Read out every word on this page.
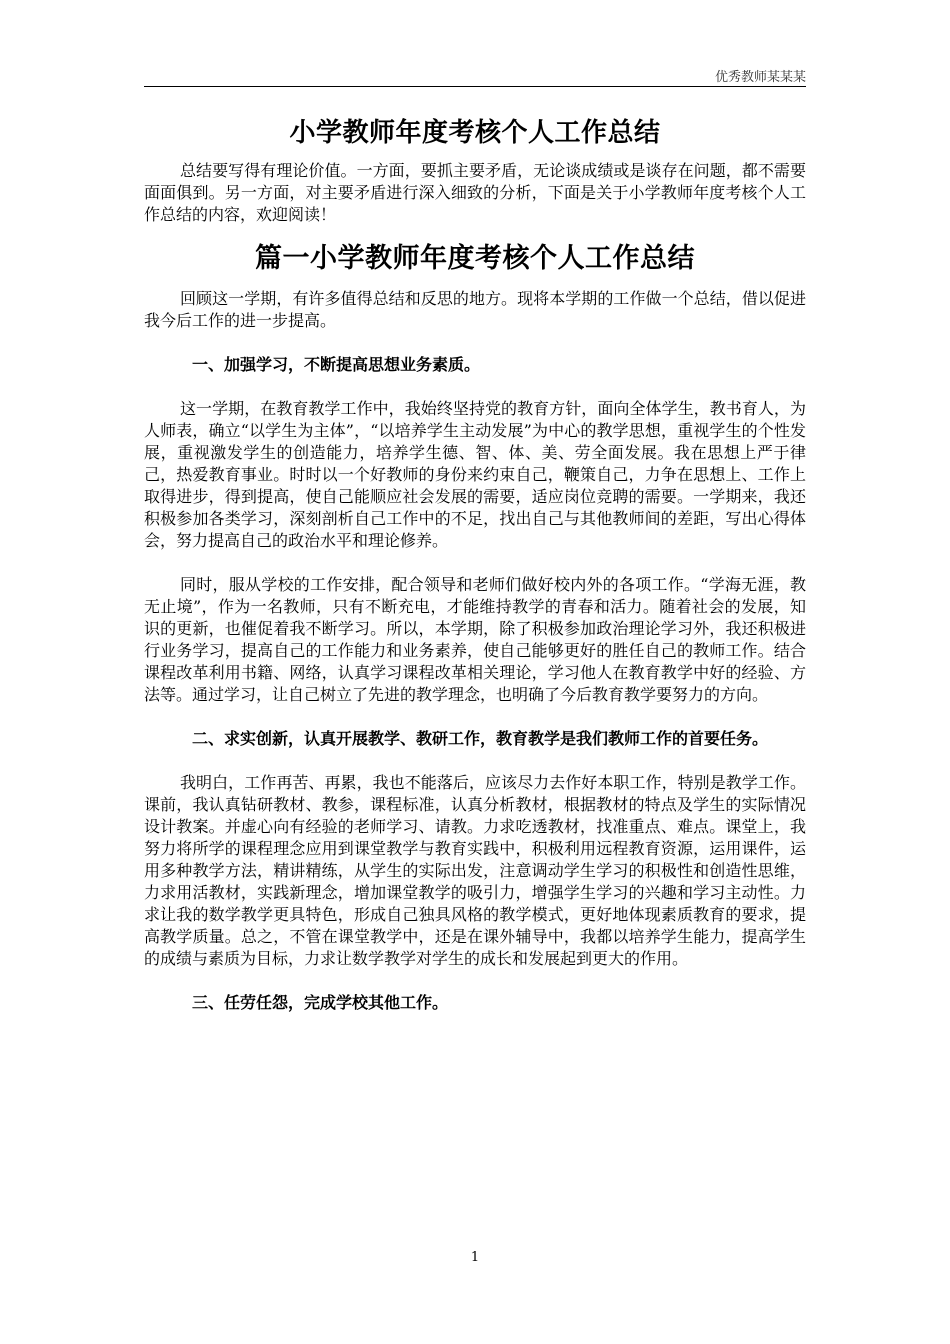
优秀教师某某某
小学教师年度考核个人工作总结

总结要写得有理论价值。一方面，要抓主要矛盾，无论谈成绩或是谈存在问题，都不需要面面俱到。另一方面，对主要矛盾进行深入细致的分析，下面是关于小学教师年度考核个人工作总结的内容，欢迎阅读！

篇一小学教师年度考核个人工作总结

回顾这一学期，有许多值得总结和反思的地方。现将本学期的工作做一个总结，借以促进我今后工作的进一步提高。

一、加强学习，不断提高思想业务素质。

这一学期，在教育教学工作中，我始终坚持党的教育方针，面向全体学生，教书育人，为人师表，确立“以学生为主体”，“以培养学生主动发展”为中心的教学思想，重视学生的个性发展，重视激发学生的创造能力，培养学生德、智、体、美、劳全面发展。我在思想上严于律己，热爱教育事业。时时以一个好教师的身份来约束自己，鞭策自己，力争在思想上、工作上取得进步，得到提高，使自己能顺应社会发展的需要，适应岗位竞聘的需要。一学期来，我还积极参加各类学习，深刻剖析自己工作中的不足，找出自己与其他教师间的差距，写出心得体会，努力提高自己的政治水平和理论修养。

同时，服从学校的工作安排，配合领导和老师们做好校内外的各项工作。“学海无涯，教无止境”，作为一名教师，只有不断充电，才能维持教学的青春和活力。随着社会的发展，知识的更新，也催促着我不断学习。所以，本学期，除了积极参加政治理论学习外，我还积极进行业务学习，提高自己的工作能力和业务素养，使自己能够更好的胜任自己的教师工作。结合课程改革利用书籍、网络，认真学习课程改革相关理论，学习他人在教育教学中好的经验、方法等。通过学习，让自己树立了先进的教学理念，也明确了今后教育教学要努力的方向。

二、求实创新，认真开展教学、教研工作，教育教学是我们教师工作的首要任务。

我明白，工作再苦、再累，我也不能落后，应该尽力去作好本职工作，特别是教学工作。课前，我认真钻研教材、教参，课程标准，认真分析教材，根据教材的特点及学生的实际情况设计教案。并虚心向有经验的老师学习、请教。力求吃透教材，找准重点、难点。课堂上，我努力将所学的课程理念应用到课堂教学与教育实践中，积极利用远程教育资源，运用课件，运用多种教学方法，精讲精练，从学生的实际出发，注意调动学生学习的积极性和创造性思维，力求用活教材，实践新理念，增加课堂教学的吸引力，增强学生学习的兴趣和学习主动性。力求让我的数学教学更具特色，形成自己独具风格的教学模式，更好地体现素质教育的要求，提高教学质量。总之，不管在课堂教学中，还是在课外辅导中，我都以培养学生能力，提高学生的成绩与素质为目标，力求让数学教学对学生的成长和发展起到更大的作用。

三、任劳任怨，完成学校其他工作。

1
